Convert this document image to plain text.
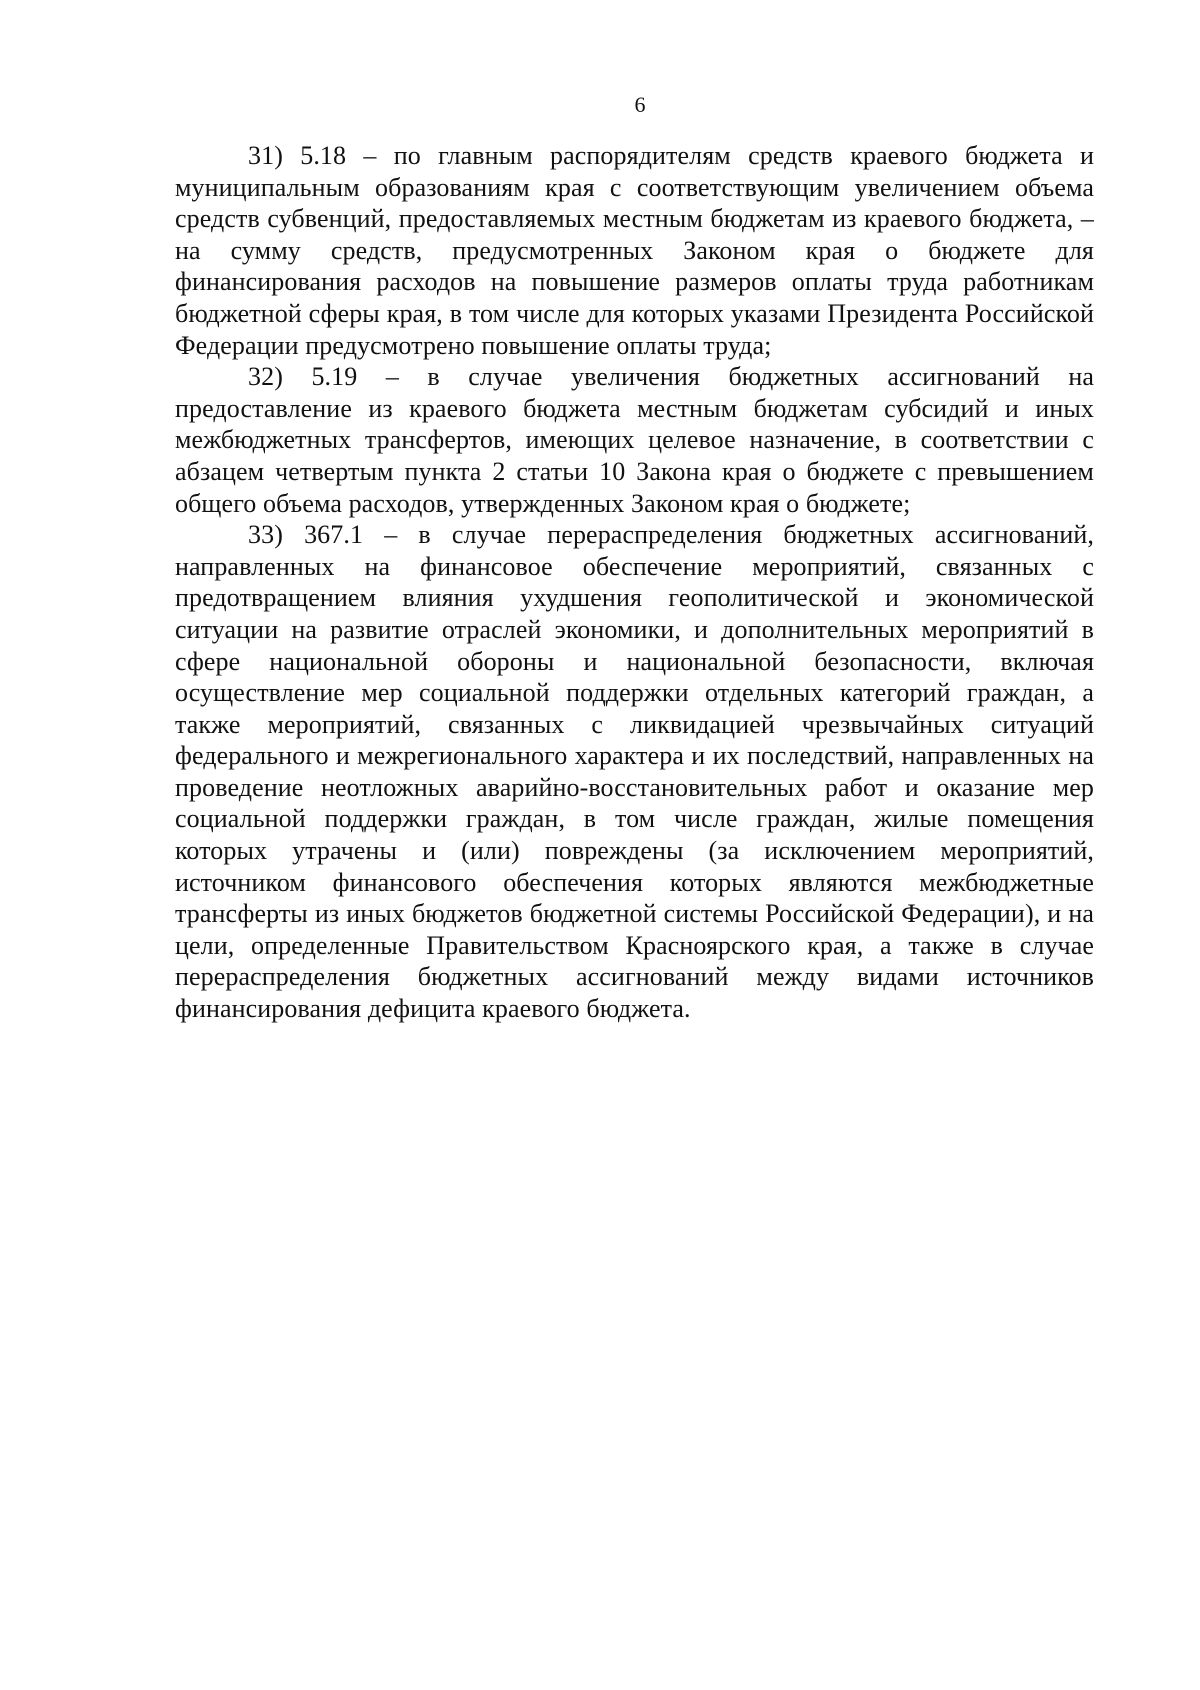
6

31) 5.18 – по главным распорядителям средств краевого бюджета и муниципальным образованиям края с соответствующим увеличением объема средств субвенций, предоставляемых местным бюджетам из краевого бюджета, – на сумму средств, предусмотренных Законом края о бюджете для финансирования расходов на повышение размеров оплаты труда работникам бюджетной сферы края, в том числе для которых указами Президента Российской Федерации предусмотрено повышение оплаты труда;

32) 5.19 – в случае увеличения бюджетных ассигнований на предоставление из краевого бюджета местным бюджетам субсидий и иных межбюджетных трансфертов, имеющих целевое назначение, в соответствии с абзацем четвертым пункта 2 статьи 10 Закона края о бюджете с превышением общего объема расходов, утвержденных Законом края о бюджете;

33) 367.1 – в случае перераспределения бюджетных ассигнований, направленных на финансовое обеспечение мероприятий, связанных с предотвращением влияния ухудшения геополитической и экономической ситуации на развитие отраслей экономики, и дополнительных мероприятий в сфере национальной обороны и национальной безопасности, включая осуществление мер социальной поддержки отдельных категорий граждан, а также мероприятий, связанных с ликвидацией чрезвычайных ситуаций федерального и межрегионального характера и их последствий, направленных на проведение неотложных аварийно-восстановительных работ и оказание мер социальной поддержки граждан, в том числе граждан, жилые помещения которых утрачены и (или) повреждены (за исключением мероприятий, источником финансового обеспечения которых являются межбюджетные трансферты из иных бюджетов бюджетной системы Российской Федерации), и на цели, определенные Правительством Красноярского края, а также в случае перераспределения бюджетных ассигнований между видами источников финансирования дефицита краевого бюджета.
